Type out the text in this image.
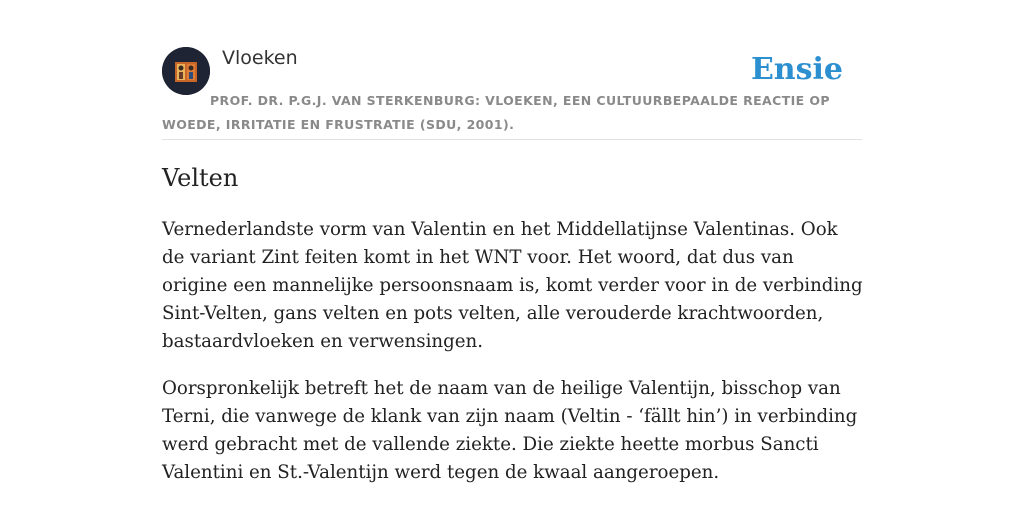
Vloeken	Ensie
PROF. DR. P.G.J. VAN STERKENBURG: VLOEKEN, EEN CULTUURBEPAALDE REACTIE OP WOEDE, IRRITATIE EN FRUSTRATIE (SDU, 2001).
Velten

Vernederlandste vorm van Valentin en het Middellatijnse Valentinas. Ook de variant Zint feiten komt in het WNT voor. Het woord, dat dus van origine een mannelijke persoonsnaam is, komt verder voor in de verbinding Sint-Velten, gans velten en pots velten, alle verouderde krachtwoorden, bastaardvloeken en verwensingen.

Oorspronkelijk betreft het de naam van de heilige Valentijn, bisschop van Terni, die vanwege de klank van zijn naam (Veltin - ‘fällt hin’) in verbinding werd gebracht met de vallende ziekte. Die ziekte heette morbus Sancti Valentini en St.-Valentijn werd tegen de kwaal aangeroepen.
